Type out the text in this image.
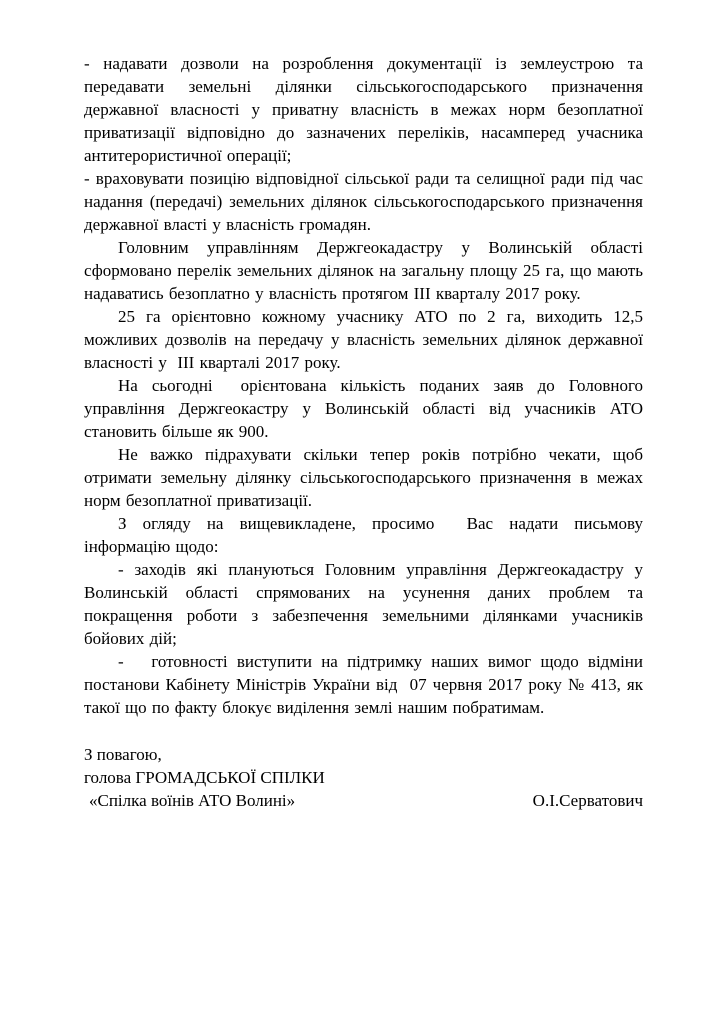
- надавати дозволи на розроблення документації із землеустрою та передавати земельні ділянки сільськогосподарського призначення державної власності у приватну власність в межах норм безоплатної приватизації відповідно до зазначених переліків, насамперед учасника антитерористичної операції;

- враховувати позицію відповідної сільської ради та селищної ради під час надання (передачі) земельних ділянок сільськогосподарського призначення державної власті у власність громадян.

Головним управлінням Держгеокадастру у Волинській області сформовано перелік земельних ділянок на загальну площу 25 га, що мають надаватись безоплатно у власність протягом ІІІ кварталу 2017 року.

25 га орієнтовно кожному учаснику АТО по 2 га, виходить 12,5 можливих дозволів на передачу у власність земельних ділянок державної власності у  ІІІ кварталі 2017 року.

На сьогодні  орієнтована кількість поданих заяв до Головного управління Держгеокастру у Волинській області від учасників АТО становить більше як 900.

Не важко підрахувати скільки тепер років потрібно чекати, щоб отримати земельну ділянку сільськогосподарського призначення в межах норм безоплатної приватизації.

З огляду на вищевикладене, просимо  Вас надати письмову інформацію щодо:

- заходів які плануються Головним управління Держгеокадастру у Волинській області спрямованих на усунення даних проблем та покращення роботи з забезпечення земельними ділянками учасників бойових дій;

-   готовності виступити на підтримку наших вимог щодо відміни постанови Кабінету Міністрів України від  07 червня 2017 року № 413, як такої що по факту блокує виділення землі нашим побратимам.

З повагою,
голова ГРОМАДСЬКОЇ СПІЛКИ
«Спілка воїнів АТО Волині»	О.І.Серватович
